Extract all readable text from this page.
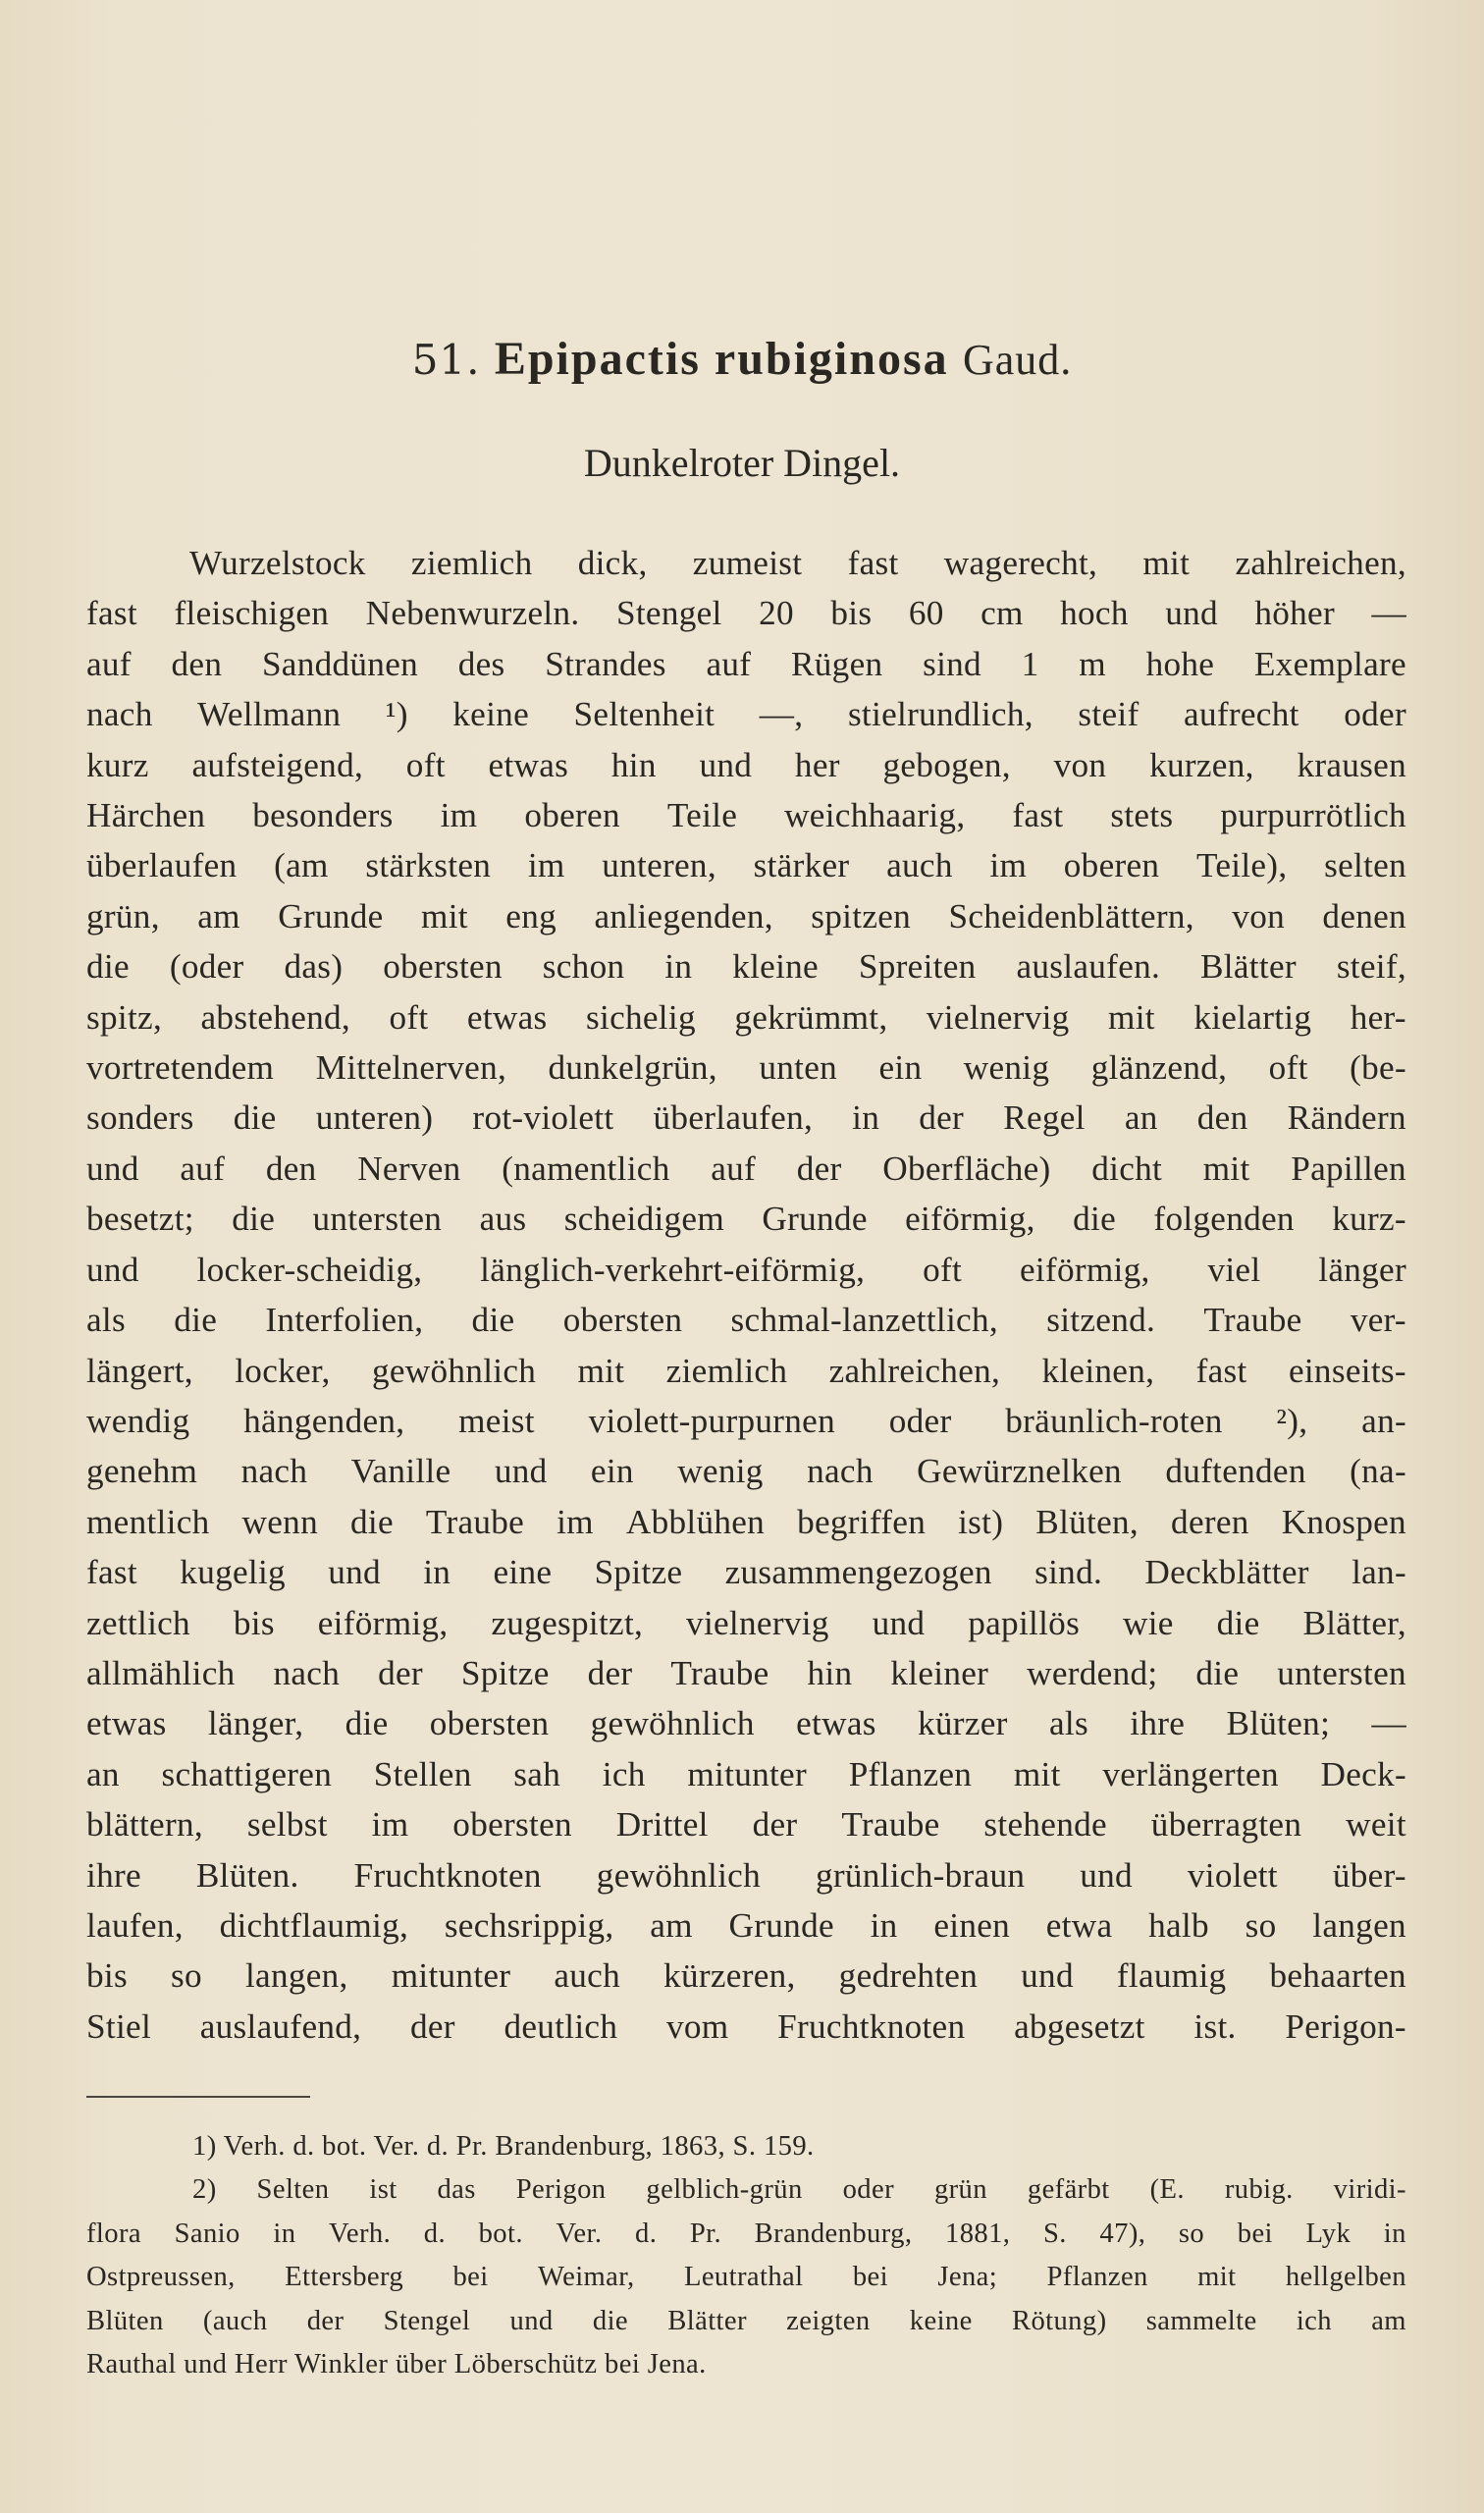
51. Epipactis rubiginosa Gaud.
Dunkelroter Dingel.
Wurzelstock ziemlich dick, zumeist fast wagerecht, mit zahlreichen,
fast fleischigen Nebenwurzeln. Stengel 20 bis 60 cm hoch und höher —
auf den Sanddünen des Strandes auf Rügen sind 1 m hohe Exemplare
nach Wellmann ¹) keine Seltenheit —, stielrundlich, steif aufrecht oder
kurz aufsteigend, oft etwas hin und her gebogen, von kurzen, krausen
Härchen besonders im oberen Teile weichhaarig, fast stets purpurrötlich
überlaufen (am stärksten im unteren, stärker auch im oberen Teile), selten
grün, am Grunde mit eng anliegenden, spitzen Scheidenblättern, von denen
die (oder das) obersten schon in kleine Spreiten auslaufen. Blätter steif,
spitz, abstehend, oft etwas sichelig gekrümmt, vielnervig mit kielartig her-
vortretendem Mittelnerven, dunkelgrün, unten ein wenig glänzend, oft (be-
sonders die unteren) rot-violett überlaufen, in der Regel an den Rändern
und auf den Nerven (namentlich auf der Oberfläche) dicht mit Papillen
besetzt; die untersten aus scheidigem Grunde eiförmig, die folgenden kurz-
und locker-scheidig, länglich-verkehrt-eiförmig, oft eiförmig, viel länger
als die Interfolien, die obersten schmal-lanzettlich, sitzend. Traube ver-
längert, locker, gewöhnlich mit ziemlich zahlreichen, kleinen, fast einseits-
wendig hängenden, meist violett-purpurnen oder bräunlich-roten ²), an-
genehm nach Vanille und ein wenig nach Gewürznelken duftenden (na-
mentlich wenn die Traube im Abblühen begriffen ist) Blüten, deren Knospen
fast kugelig und in eine Spitze zusammengezogen sind. Deckblätter lan-
zettlich bis eiförmig, zugespitzt, vielnervig und papillös wie die Blätter,
allmählich nach der Spitze der Traube hin kleiner werdend; die untersten
etwas länger, die obersten gewöhnlich etwas kürzer als ihre Blüten; —
an schattigeren Stellen sah ich mitunter Pflanzen mit verlängerten Deck-
blättern, selbst im obersten Drittel der Traube stehende überragten weit
ihre Blüten. Fruchtknoten gewöhnlich grünlich-braun und violett über-
laufen, dichtflaumig, sechsrippig, am Grunde in einen etwa halb so langen
bis so langen, mitunter auch kürzeren, gedrehten und flaumig behaarten
Stiel auslaufend, der deutlich vom Fruchtknoten abgesetzt ist. Perigon-
1) Verh. d. bot. Ver. d. Pr. Brandenburg, 1863, S. 159.
2) Selten ist das Perigon gelblich-grün oder grün gefärbt (E. rubig. viridi-
flora Sanio in Verh. d. bot. Ver. d. Pr. Brandenburg, 1881, S. 47), so bei Lyk in
Ostpreussen, Ettersberg bei Weimar, Leutrathal bei Jena; Pflanzen mit hellgelben
Blüten (auch der Stengel und die Blätter zeigten keine Rötung) sammelte ich am
Rauthal und Herr Winkler über Löberschütz bei Jena.
